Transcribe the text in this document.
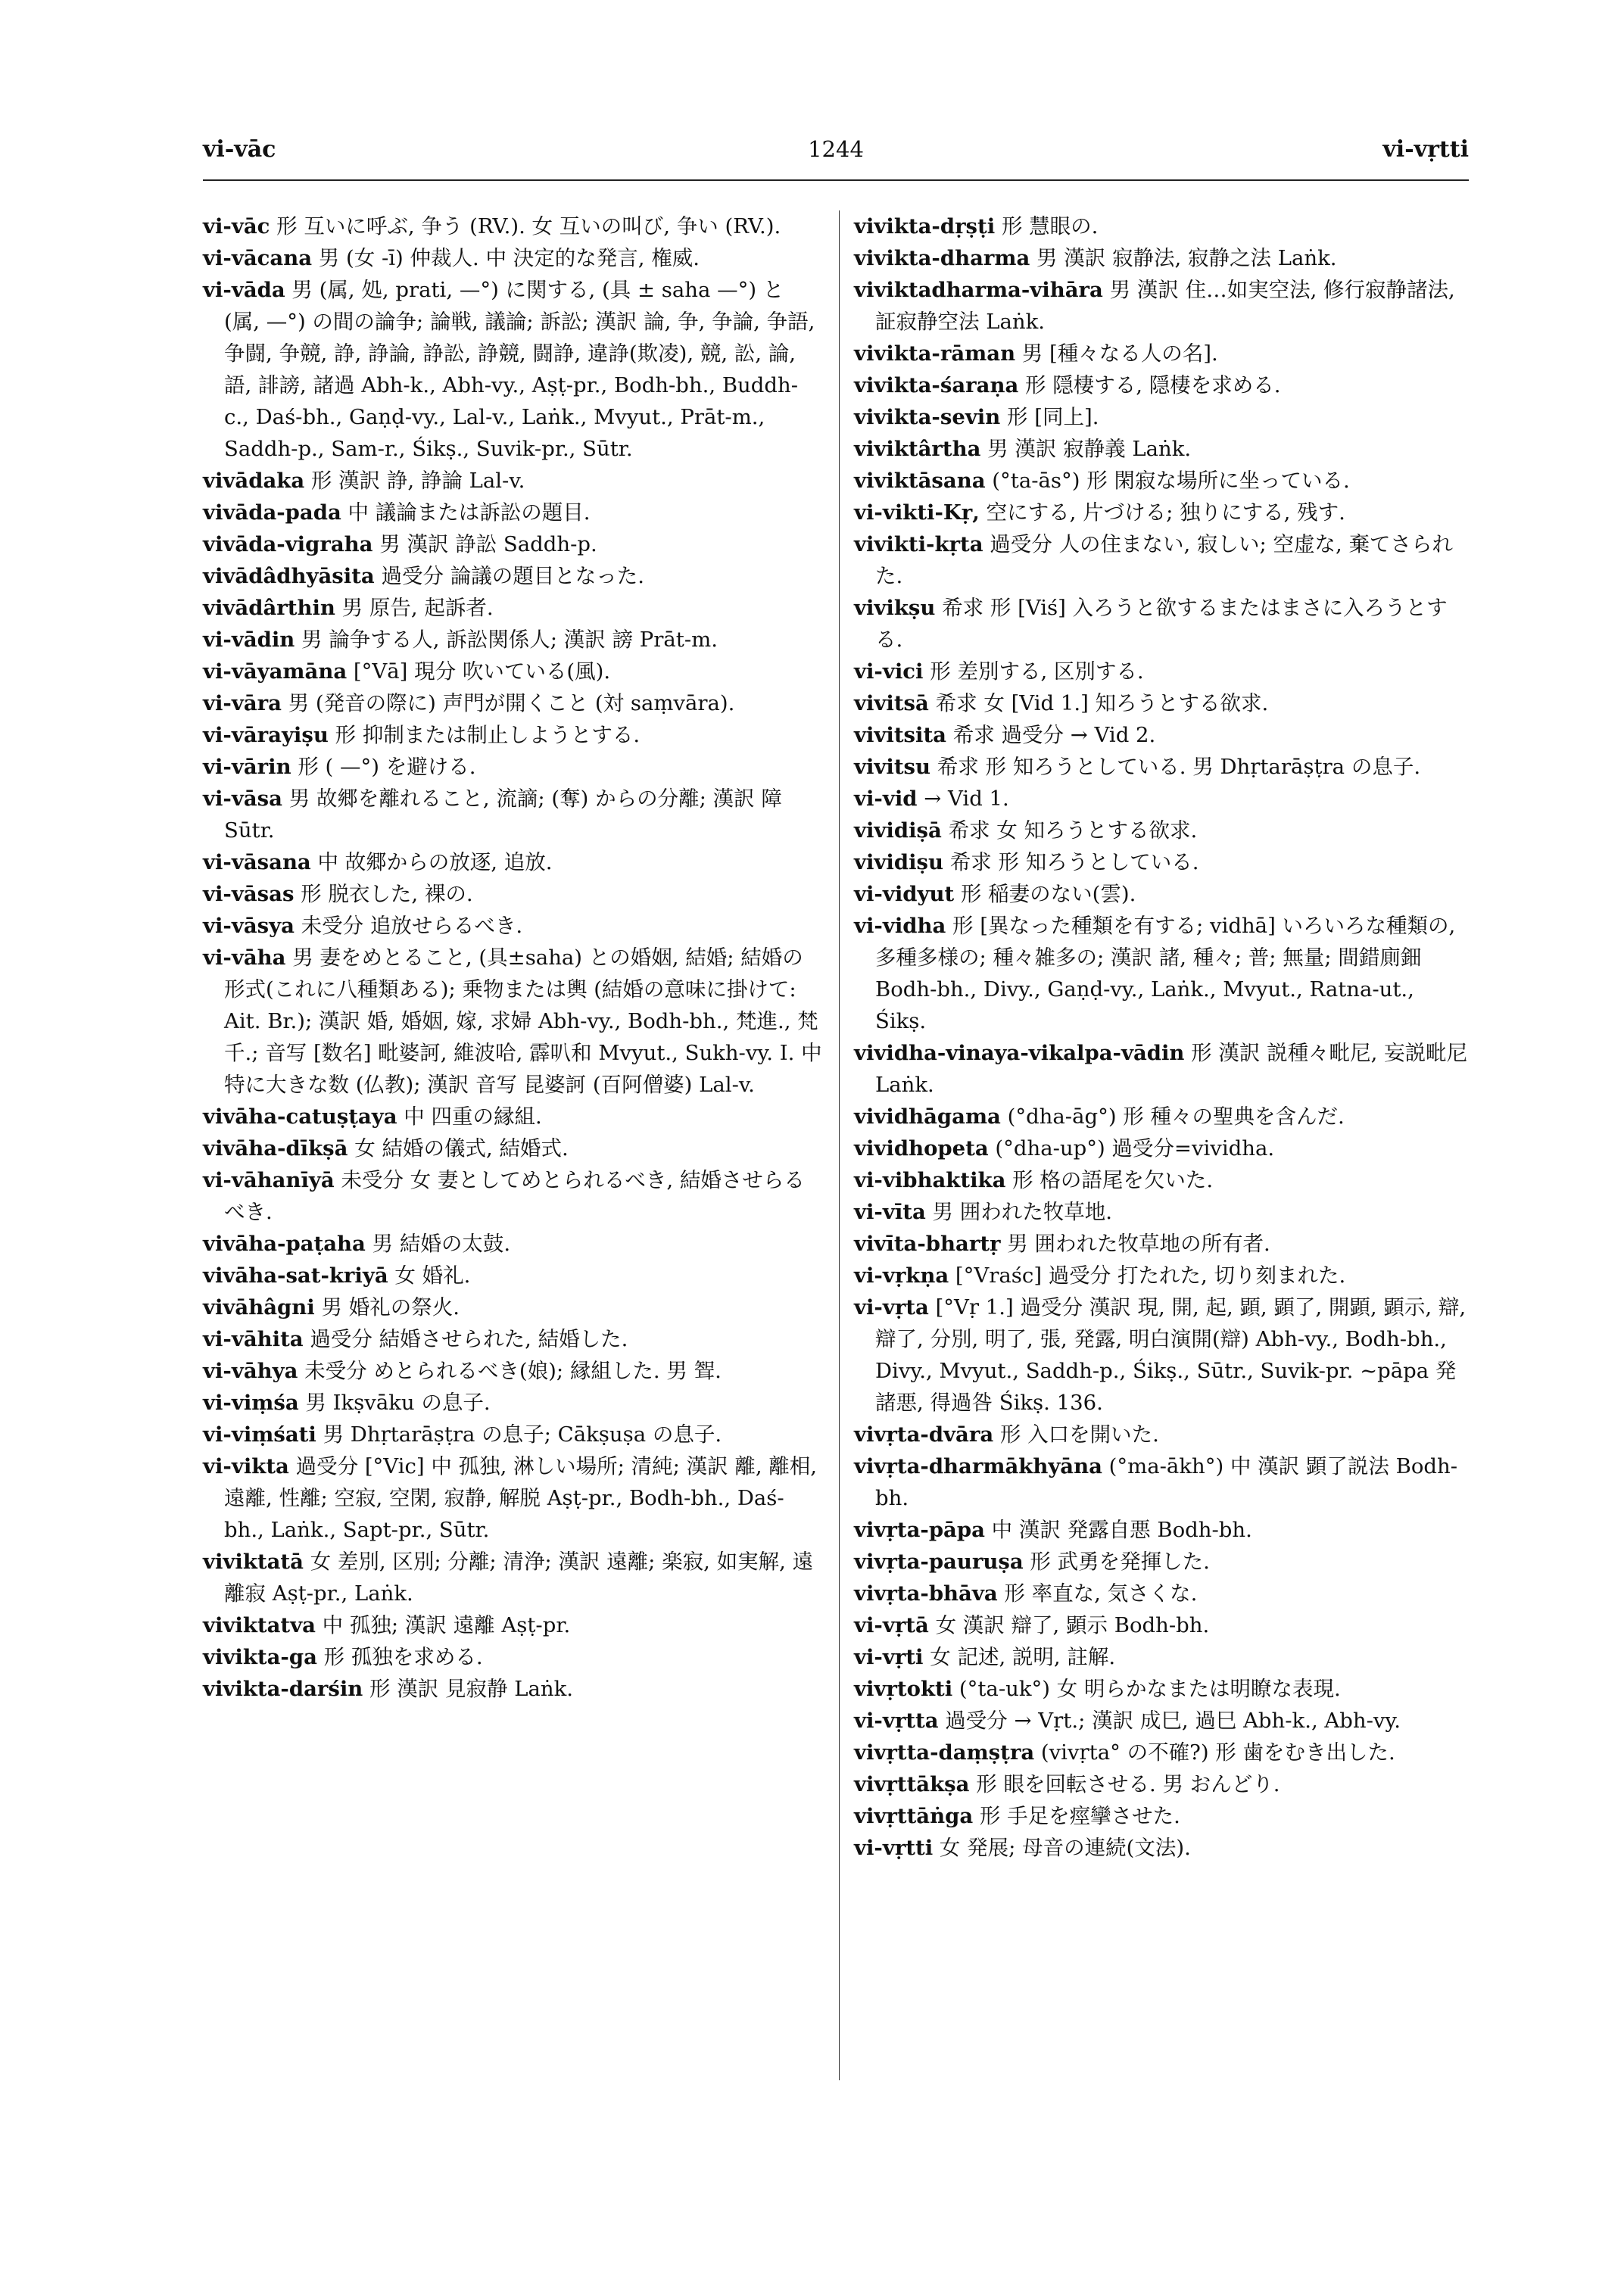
vi-vāc	1244	vi-vṛtti

vi-vāc 形 互いに呼ぶ, 争う (RV.). 女 互いの叫び, 争い (RV.).

vi-vācana 男 (女 -ī) 仲裁人. 中 決定的な発言, 権威.

vi-vāda 男 (属, 処, prati, —°) に関する, (具 ± saha —°) と (属, —°) の間の論争; 論戦, 議論; 訴訟; 漢訳 論, 争, 争論, 争語, 争闘, 争競, 諍, 諍論, 諍訟, 諍競, 闘諍, 違諍(欺凌), 競, 訟, 論, 語, 誹謗, 諸過 Abh-k., Abh-vy., Aṣṭ-pr., Bodh-bh., Buddh-c., Daś-bh., Gaṇḍ-vy., Lal-v., Laṅk., Mvyut., Prāt-m., Saddh-p., Sam-r., Śikṣ., Suvik-pr., Sūtr.

vivādaka 形 漢訳 諍, 諍論 Lal-v.

vivāda-pada 中 議論または訴訟の題目.

vivāda-vigraha 男 漢訳 諍訟 Saddh-p.

vivādâdhyāsita 過受分 論議の題目となった.

vivādârthin 男 原告, 起訴者.

vi-vādin 男 論争する人, 訴訟関係人; 漢訳 謗 Prāt-m.

vi-vāyamāna [°Vā] 現分 吹いている(風).

vi-vāra 男 (発音の際に) 声門が開くこと (対 saṃvāra).

vi-vārayiṣu 形 抑制または制止しようとする.

vi-vārin 形 ( —°) を避ける.

vi-vāsa 男 故郷を離れること, 流謫; (奪) からの分離; 漢訳 障 Sūtr.

vi-vāsana 中 故郷からの放逐, 追放.

vi-vāsas 形 脱衣した, 裸の.

vi-vāsya 未受分 追放せらるべき.

vi-vāha 男 妻をめとること, (具±saha) との婚姻, 結婚; 結婚の形式(これに八種類ある); 乗物または輿 (結婚の意味に掛けて: Ait. Br.); 漢訳 婚, 婚姻, 嫁, 求婦 Abh-vy., Bodh-bh., 梵進., 梵千.; 音写 [数名] 毗婆訶, 維波哈, 霹叭和 Mvyut., Sukh-vy. I. 中 特に大きな数 (仏教); 漢訳 音写 昆婆訶 (百阿僧婆) Lal-v.

vivāha-catuṣṭaya 中 四重の縁組.

vivāha-dīkṣā 女 結婚の儀式, 結婚式.

vi-vāhanīyā 未受分 女 妻としてめとられるべき, 結婚させらるべき.

vivāha-paṭaha 男 結婚の太鼓.

vivāha-sat-kriyā 女 婚礼.

vivāhâgni 男 婚礼の祭火.

vi-vāhita 過受分 結婚させられた, 結婚した.

vi-vāhya 未受分 めとられるべき(娘); 縁組した. 男 聟.

vi-viṃśa 男 Ikṣvāku の息子.

vi-viṃśati 男 Dhṛtarāṣṭra の息子; Cākṣuṣa の息子.

vi-vikta 過受分 [°Vic] 中 孤独, 淋しい場所; 清純; 漢訳 離, 離相, 遠離, 性離; 空寂, 空閑, 寂静, 解脱 Aṣṭ-pr., Bodh-bh., Daś-bh., Laṅk., Sapt-pr., Sūtr.

viviktatā 女 差別, 区別; 分離; 清浄; 漢訳 遠離; 楽寂, 如実解, 遠離寂 Aṣṭ-pr., Laṅk.

viviktatva 中 孤独; 漢訳 遠離 Aṣṭ-pr.

vivikta-ga 形 孤独を求める.

vivikta-darśin 形 漢訳 見寂静 Laṅk.

vivikta-dṛṣṭi 形 慧眼の.

vivikta-dharma 男 漢訳 寂静法, 寂静之法 Laṅk.

viviktadharma-vihāra 男 漢訳 住…如実空法, 修行寂静諸法, 証寂静空法 Laṅk.

vivikta-rāman 男 [種々なる人の名].

vivikta-śaraṇa 形 隠棲する, 隠棲を求める.

vivikta-sevin 形 [同上].

viviktârtha 男 漢訳 寂静義 Laṅk.

viviktāsana (°ta-ās°) 形 閑寂な場所に坐っている.

vi-vikti-Kṛ, 空にする, 片づける; 独りにする, 残す.

vivikti-kṛta 過受分 人の住まない, 寂しい; 空虚な, 棄てさられた.

vivikṣu 希求 形 [Viś] 入ろうと欲するまたはまさに入ろうとする.

vi-vici 形 差別する, 区別する.

vivitsā 希求 女 [Vid 1.] 知ろうとする欲求.

vivitsita 希求 過受分 → Vid 2.

vivitsu 希求 形 知ろうとしている. 男 Dhṛtarāṣṭra の息子.

vi-vid → Vid 1.

vividiṣā 希求 女 知ろうとする欲求.

vividiṣu 希求 形 知ろうとしている.

vi-vidyut 形 稲妻のない(雲).

vi-vidha 形 [異なった種類を有する; vidhā] いろいろな種類の, 多種多様の; 種々雑多の; 漢訳 諸, 種々; 普; 無量; 間錯廁鈿 Bodh-bh., Divy., Gaṇḍ-vy., Laṅk., Mvyut., Ratna-ut., Śikṣ.

vividha-vinaya-vikalpa-vādin 形 漢訳 説種々毗尼, 妄説毗尼 Laṅk.

vividhāgama (°dha-āg°) 形 種々の聖典を含んだ.

vividhopeta (°dha-up°) 過受分=vividha.

vi-vibhaktika 形 格の語尾を欠いた.

vi-vīta 男 囲われた牧草地.

vivīta-bhartṛ 男 囲われた牧草地の所有者.

vi-vṛkṇa [°Vraśc] 過受分 打たれた, 切り刻まれた.

vi-vṛta [°Vṛ 1.] 過受分 漢訳 現, 開, 起, 顕, 顕了, 開顕, 顕示, 辯, 辯了, 分別, 明了, 張, 発露, 明白演開(辯) Abh-vy., Bodh-bh., Divy., Mvyut., Saddh-p., Śikṣ., Sūtr., Suvik-pr. ~pāpa 発諸悪, 得過咎 Śikṣ. 136.

vivṛta-dvāra 形 入口を開いた.

vivṛta-dharmākhyāna (°ma-ākh°) 中 漢訳 顕了説法 Bodh-bh.

vivṛta-pāpa 中 漢訳 発露自悪 Bodh-bh.

vivṛta-pauruṣa 形 武勇を発揮した.

vivṛta-bhāva 形 率直な, 気さくな.

vi-vṛtā 女 漢訳 辯了, 顕示 Bodh-bh.

vi-vṛti 女 記述, 説明, 註解.

vivṛtokti (°ta-uk°) 女 明らかなまたは明瞭な表現.

vi-vṛtta 過受分 → Vṛt.; 漢訳 成巳, 過巳 Abh-k., Abh-vy.

vivṛtta-daṃṣṭra (vivṛta° の不確?) 形 歯をむき出した.

vivṛttākṣa 形 眼を回転させる. 男 おんどり.

vivṛttāṅga 形 手足を痙攣させた.

vi-vṛtti 女 発展; 母音の連続(文法).
